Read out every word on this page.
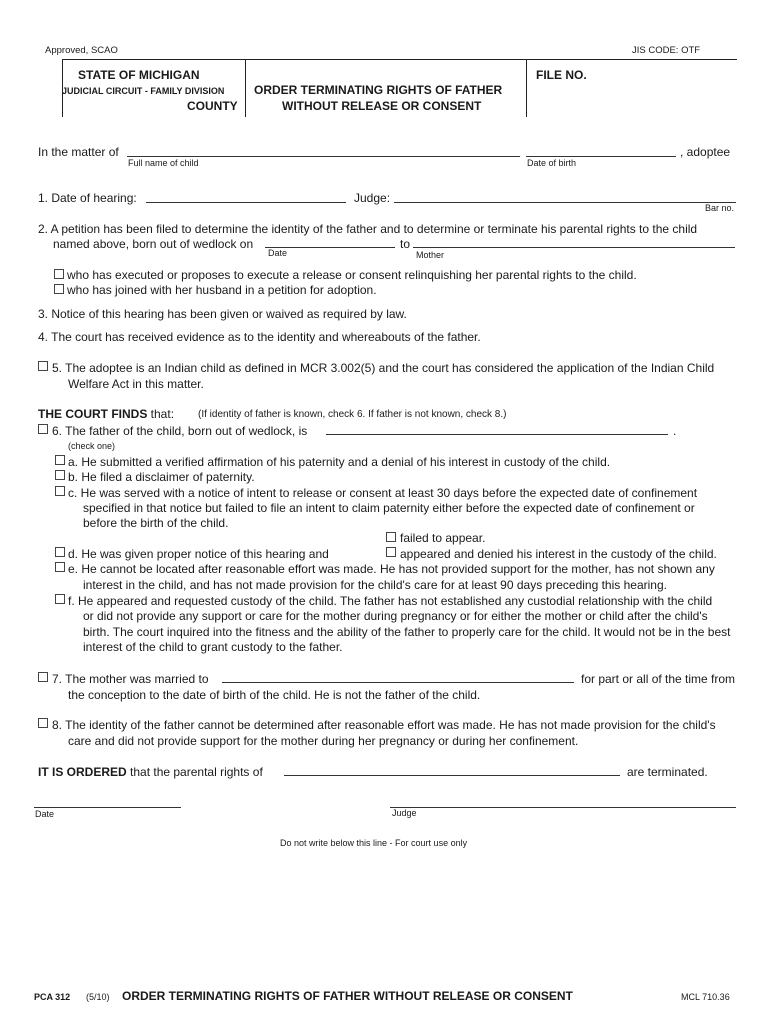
Approved, SCAO	JIS CODE: OTF
STATE OF MICHIGAN
JUDICIAL CIRCUIT - FAMILY DIVISION
COUNTY
ORDER TERMINATING RIGHTS OF FATHER
WITHOUT RELEASE OR CONSENT
FILE NO.
In the matter of	, adoptee
Full name of child	Date of birth
1. Date of hearing:	Judge:
Bar no.
2. A petition has been filed to determine the identity of the father and to determine or terminate his parental rights to the child
named above, born out of wedlock on	to
Date	Mother
who has executed or proposes to execute a release or consent relinquishing her parental rights to the child.
who has joined with her husband in a petition for adoption.
3. Notice of this hearing has been given or waived as required by law.
4. The court has received evidence as to the identity and whereabouts of the father.
5. The adoptee is an Indian child as defined in MCR 3.002(5) and the court has considered the application of the Indian Child
Welfare Act in this matter.
THE COURT FINDS that: (If identity of father is known, check 6. If father is not known, check 8.)
6. The father of the child, born out of wedlock, is	.
(check one)
a. He submitted a verified affirmation of his paternity and a denial of his interest in custody of the child.
b. He filed a disclaimer of paternity.
c. He was served with a notice of intent to release or consent at least 30 days before the expected date of confinement
specified in that notice but failed to file an intent to claim paternity either before the expected date of confinement or
before the birth of the child.
failed to appear.
d. He was given proper notice of this hearing and	appeared and denied his interest in the custody of the child.
e. He cannot be located after reasonable effort was made. He has not provided support for the mother, has not shown any
interest in the child, and has not made provision for the child's care for at least 90 days preceding this hearing.
f. He appeared and requested custody of the child. The father has not established any custodial relationship with the child
or did not provide any support or care for the mother during pregnancy or for either the mother or child after the child's
birth. The court inquired into the fitness and the ability of the father to properly care for the child. It would not be in the best
interest of the child to grant custody to the father.
7. The mother was married to	for part or all of the time from
the conception to the date of birth of the child. He is not the father of the child.
8. The identity of the father cannot be determined after reasonable effort was made. He has not made provision for the child's
care and did not provide support for the mother during her pregnancy or during her confinement.
IT IS ORDERED that the parental rights of	are terminated.
Date	Judge
Do not write below this line - For court use only
PCA 312 (5/10) ORDER TERMINATING RIGHTS OF FATHER WITHOUT RELEASE OR CONSENT	MCL 710.36
